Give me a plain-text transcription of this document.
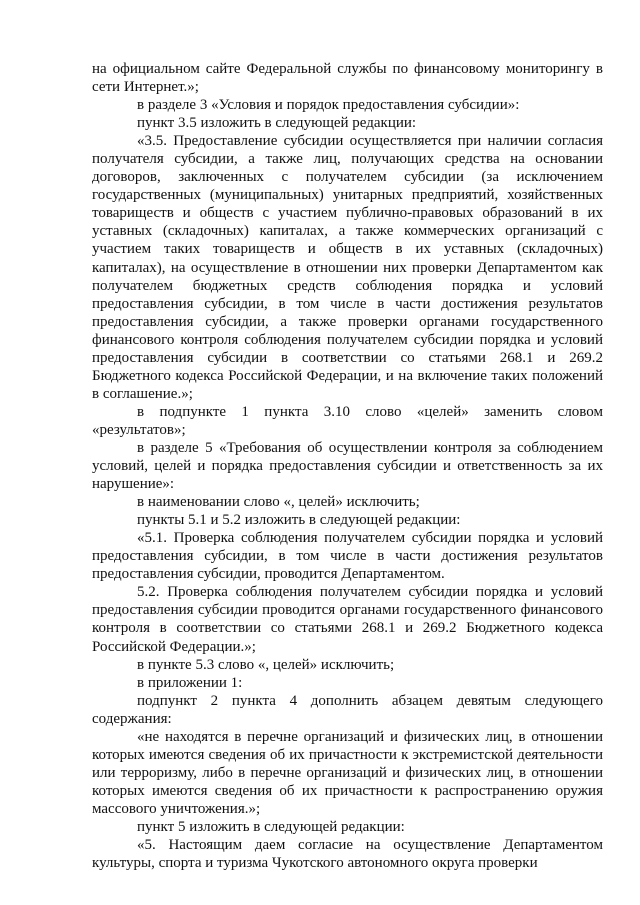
на официальном сайте Федеральной службы по финансовому мониторингу в сети Интернет.»;

в разделе 3 «Условия и порядок предоставления субсидии»:

пункт 3.5 изложить в следующей редакции:

«3.5. Предоставление субсидии осуществляется при наличии согласия получателя субсидии, а также лиц, получающих средства на основании договоров, заключенных с получателем субсидии (за исключением государственных (муниципальных) унитарных предприятий, хозяйственных товариществ и обществ с участием публично-правовых образований в их уставных (складочных) капиталах, а также коммерческих организаций с участием таких товариществ и обществ в их уставных (складочных) капиталах), на осуществление в отношении них проверки Департаментом как получателем бюджетных средств соблюдения порядка и условий предоставления субсидии, в том числе в части достижения результатов предоставления субсидии, а также проверки органами государственного финансового контроля соблюдения получателем субсидии порядка и условий предоставления субсидии в соответствии со статьями 268.1 и 269.2 Бюджетного кодекса Российской Федерации, и на включение таких положений в соглашение.»;

в подпункте 1 пункта 3.10 слово «целей» заменить словом «результатов»;

в разделе 5 «Требования об осуществлении контроля за соблюдением условий, целей и порядка предоставления субсидии и ответственность за их нарушение»:

в наименовании слово «, целей» исключить;

пункты 5.1 и 5.2 изложить в следующей редакции:

«5.1. Проверка соблюдения получателем субсидии порядка и условий предоставления субсидии, в том числе в части достижения результатов предоставления субсидии, проводится Департаментом.

5.2. Проверка соблюдения получателем субсидии порядка и условий предоставления субсидии проводится органами государственного финансового контроля в соответствии со статьями 268.1 и 269.2 Бюджетного кодекса Российской Федерации.»;

в пункте 5.3 слово «, целей» исключить;

в приложении 1:

подпункт 2 пункта 4 дополнить абзацем девятым следующего содержания:

«не находятся в перечне организаций и физических лиц, в отношении которых имеются сведения об их причастности к экстремистской деятельности или терроризму, либо в перечне организаций и физических лиц, в отношении которых имеются сведения об их причастности к распространению оружия массового уничтожения.»;

пункт 5 изложить в следующей редакции:

«5. Настоящим даем согласие на осуществление Департаментом культуры, спорта и туризма Чукотского автономного округа проверки
